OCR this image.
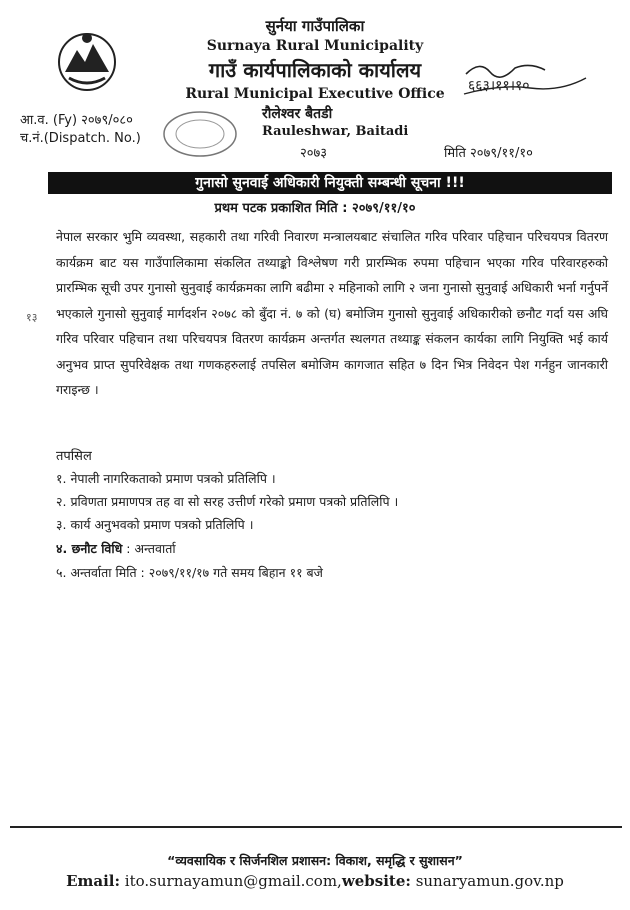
सुर्नया गाउँपालिका
Surnaya Rural Municipality
गाउँ कार्यपालिकाको कार्यालय
Rural Municipal Executive Office
रौलेश्वर बैतडी
Rauleshwar, Baitadi
२०७३
आ.व. (Fy) २०७९/०८०
च.नं.(Dispatch. No.)
मिति २०७९/११/१०
६६३।११।१०
गुनासो सुनवाई अधिकारी नियुक्ती सम्बन्धी सूचना !!!
प्रथम पटक प्रकाशित मिति : २०७९/११/१०
१३
नेपाल सरकार भुमि व्यवस्था, सहकारी तथा गरिवी निवारण मन्त्रालयबाट संचालित गरिव परिवार पहिचान परिचयपत्र वितरण कार्यक्रम बाट यस गाउँपालिकामा संकलित तथ्याङ्को विश्लेषण गरी प्रारम्भिक रुपमा पहिचान भएका गरिव परिवारहरुको प्रारम्भिक सूची उपर गुनासो सुनुवाई कार्यक्रमका लागि बढीमा २ महिनाको लागि २ जना गुनासो सुनुवाई अधिकारी भर्ना गर्नुपर्ने भएकाले गुनासो सुनुवाई मार्गदर्शन २०७८ को बुँदा नं. ७ को (घ) बमोजिम गुनासो सुनुवाई अधिकारीको छनौट गर्दा यस अघि गरिव परिवार पहिचान तथा परिचयपत्र वितरण कार्यक्रम अन्तर्गत स्थलगत तथ्याङ्क संकलन कार्यका लागि नियुक्ति भई कार्य अनुभव प्राप्त सुपरिवेक्षक तथा गणकहरुलाई तपसिल बमोजिम कागजात सहित ७ दिन भित्र निवेदन पेश गर्नहुन जानकारी गराइन्छ ।
तपसिल
१. नेपाली नागरिकताको प्रमाण पत्रको प्रतिलिपि ।
२. प्रविणता प्रमाणपत्र तह वा सो सरह उत्तीर्ण गरेको प्रमाण पत्रको प्रतिलिपि ।
३. कार्य अनुभवको प्रमाण पत्रको प्रतिलिपि ।
४. छनौट विधि : अन्तवार्ता
५. अन्तर्वाता मिति : २०७९/११/१७ गते समय बिहान ११ बजे
“व्यवसायिक र सिर्जनशिल प्रशासन: विकाश, समृद्धि र सुशासन”
Email: ito.surnayamun@gmail.com,website: sunaryamun.gov.np
